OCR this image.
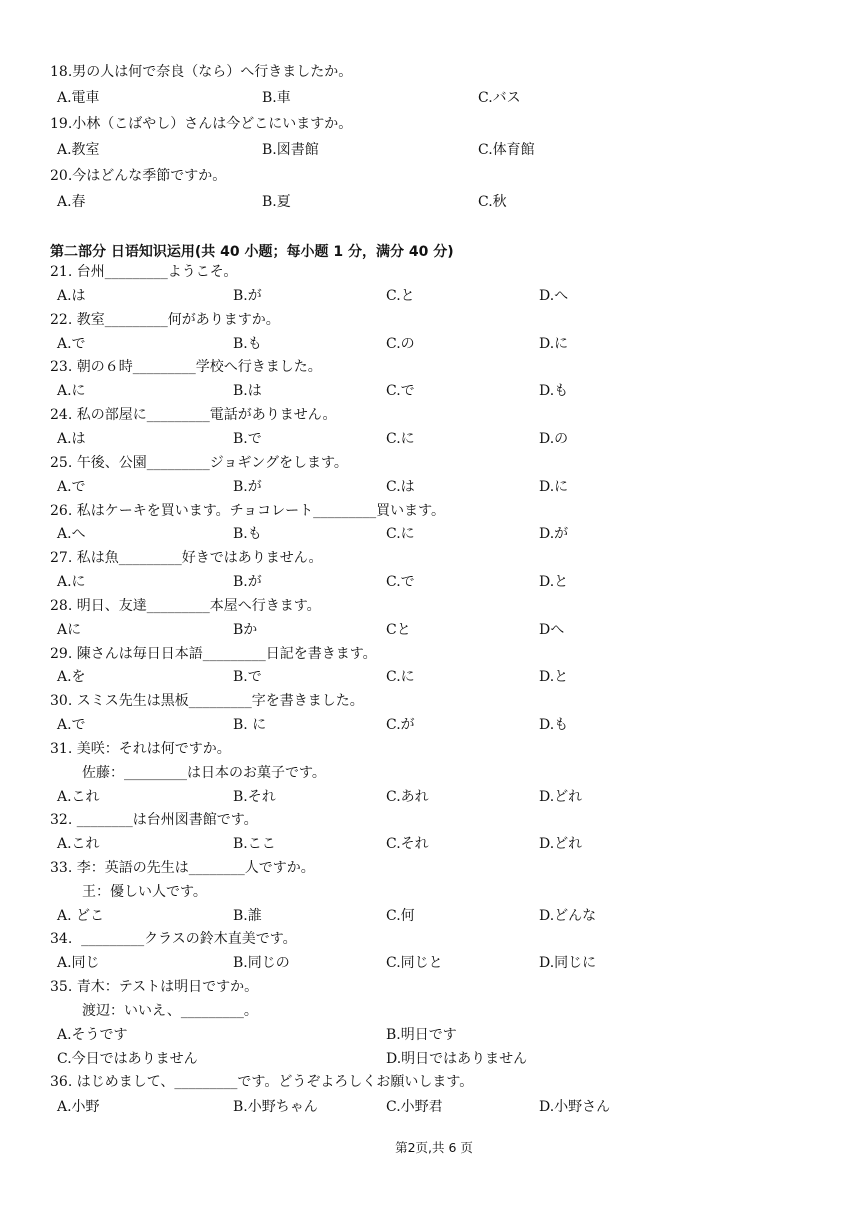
18.男の人は何で奈良（なら）へ行きましたか。
A.電車	B.車	C.バス
19.小林（こばやし）さんは今どこにいますか。
A.教室	B.図書館	C.体育館
20.今はどんな季節ですか。
A.春	B.夏	C.秋
第二部分 日语知识运用(共 40 小题；每小题 1 分，满分 40 分)
21. 台州_________ようこそ。
A.は	B.が	C.と	D.へ
22. 教室_________何がありますか。
A.で	B.も	C.の	D.に
23. 朝の６時_________学校へ行きました。
A.に	B.は	C.で	D.も
24. 私の部屋に_________電話がありません。
A.は	B.で	C.に	D.の
25. 午後、公園_________ジョギングをします。
A.で	B.が	C.は	D.に
26. 私はケーキを買います。チョコレート_________買います。
A.へ	B.も	C.に	D.が
27. 私は魚_________好きではありません。
A.に	B.が	C.で	D.と
28. 明日、友達_________本屋へ行きます。
Aに	Bか	Cと	Dへ
29. 陳さんは毎日日本語_________日記を書きます。
A.を	B.で	C.に	D.と
30. スミス先生は黒板_________字を書きました。
A.で	B. に	C.が	D.も
31. 美咲：それは何ですか。
佐藤：_________は日本のお菓子です。
A.これ	B.それ	C.あれ	D.どれ
32. ________は台州図書館です。
A.これ	B.ここ	C.それ	D.どれ
33. 李：英語の先生は________人ですか。
王：優しい人です。
A. どこ	B.誰	C.何	D.どんな
34.  _________クラスの鈴木直美です。
A.同じ	B.同じの	C.同じと	D.同じに
35. 青木：テストは明日ですか。
渡辺：いいえ、_________。
A.そうです	B.明日です
C.今日ではありません	D.明日ではありません
36. はじめまして、_________です。どうぞよろしくお願いします。
A.小野	B.小野ちゃん	C.小野君	D.小野さん
第2页,共 6 页
